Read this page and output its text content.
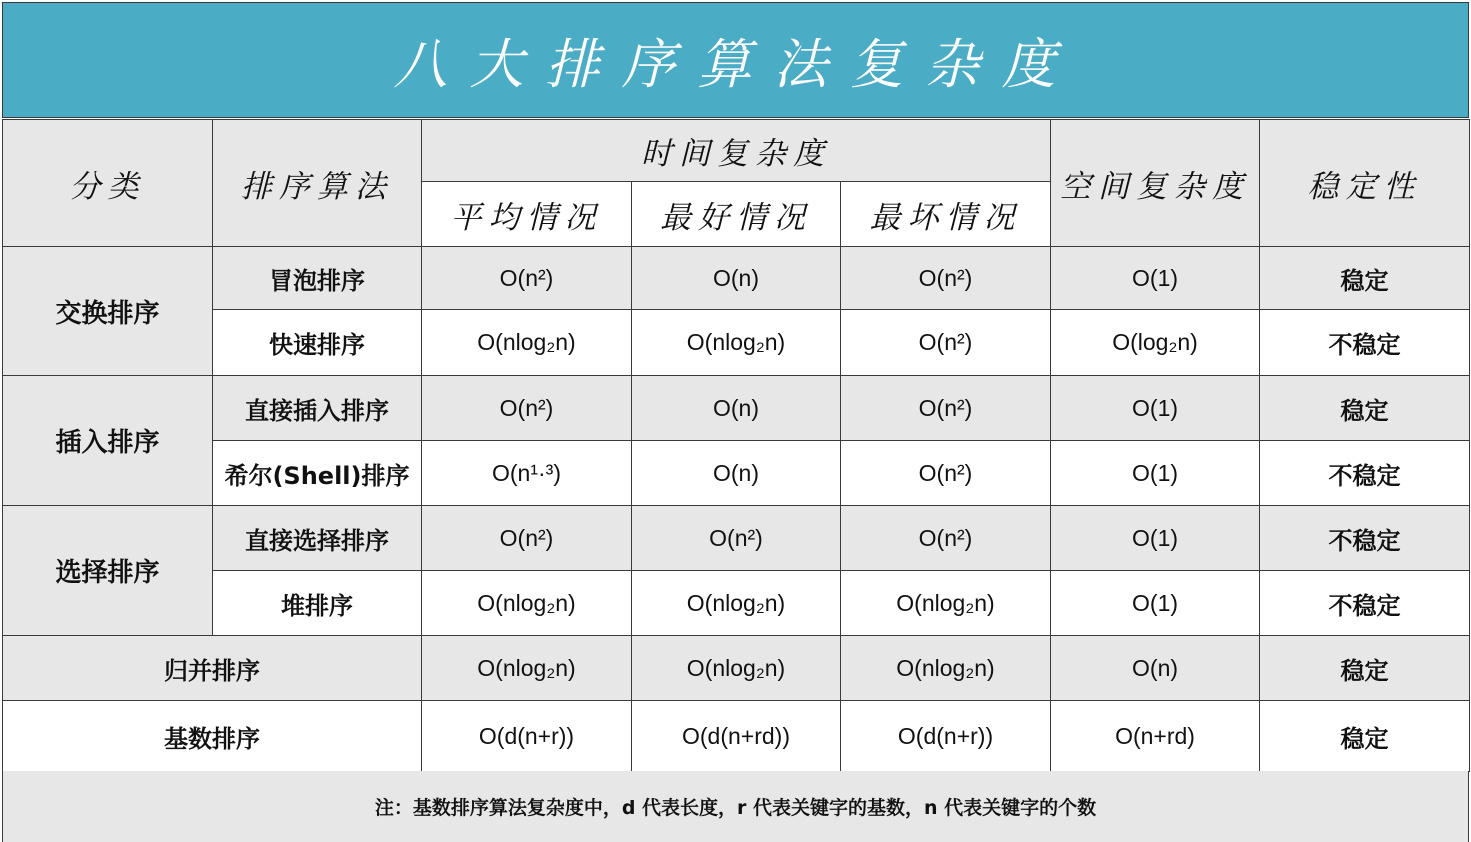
八大排序算法复杂度
分类	排序算法	时间复杂度			空间复杂度	稳定性
		平均情况	最好情况	最坏情况		
交换排序	冒泡排序	O(n²)	O(n)	O(n²)	O(1)	稳定
	快速排序	O(nlog₂n)	O(nlog₂n)	O(n²)	O(log₂n)	不稳定
插入排序	直接插入排序	O(n²)	O(n)	O(n²)	O(1)	稳定
	希尔(Shell)排序	O(n¹·³)	O(n)	O(n²)	O(1)	不稳定
选择排序	直接选择排序	O(n²)	O(n²)	O(n²)	O(1)	不稳定
	堆排序	O(nlog₂n)	O(nlog₂n)	O(nlog₂n)	O(1)	不稳定
归并排序		O(nlog₂n)	O(nlog₂n)	O(nlog₂n)	O(n)	稳定
基数排序		O(d(n+r))	O(d(n+rd))	O(d(n+r))	O(n+rd)	稳定
注：基数排序算法复杂度中，d 代表长度，r 代表关键字的基数，n 代表关键字的个数
